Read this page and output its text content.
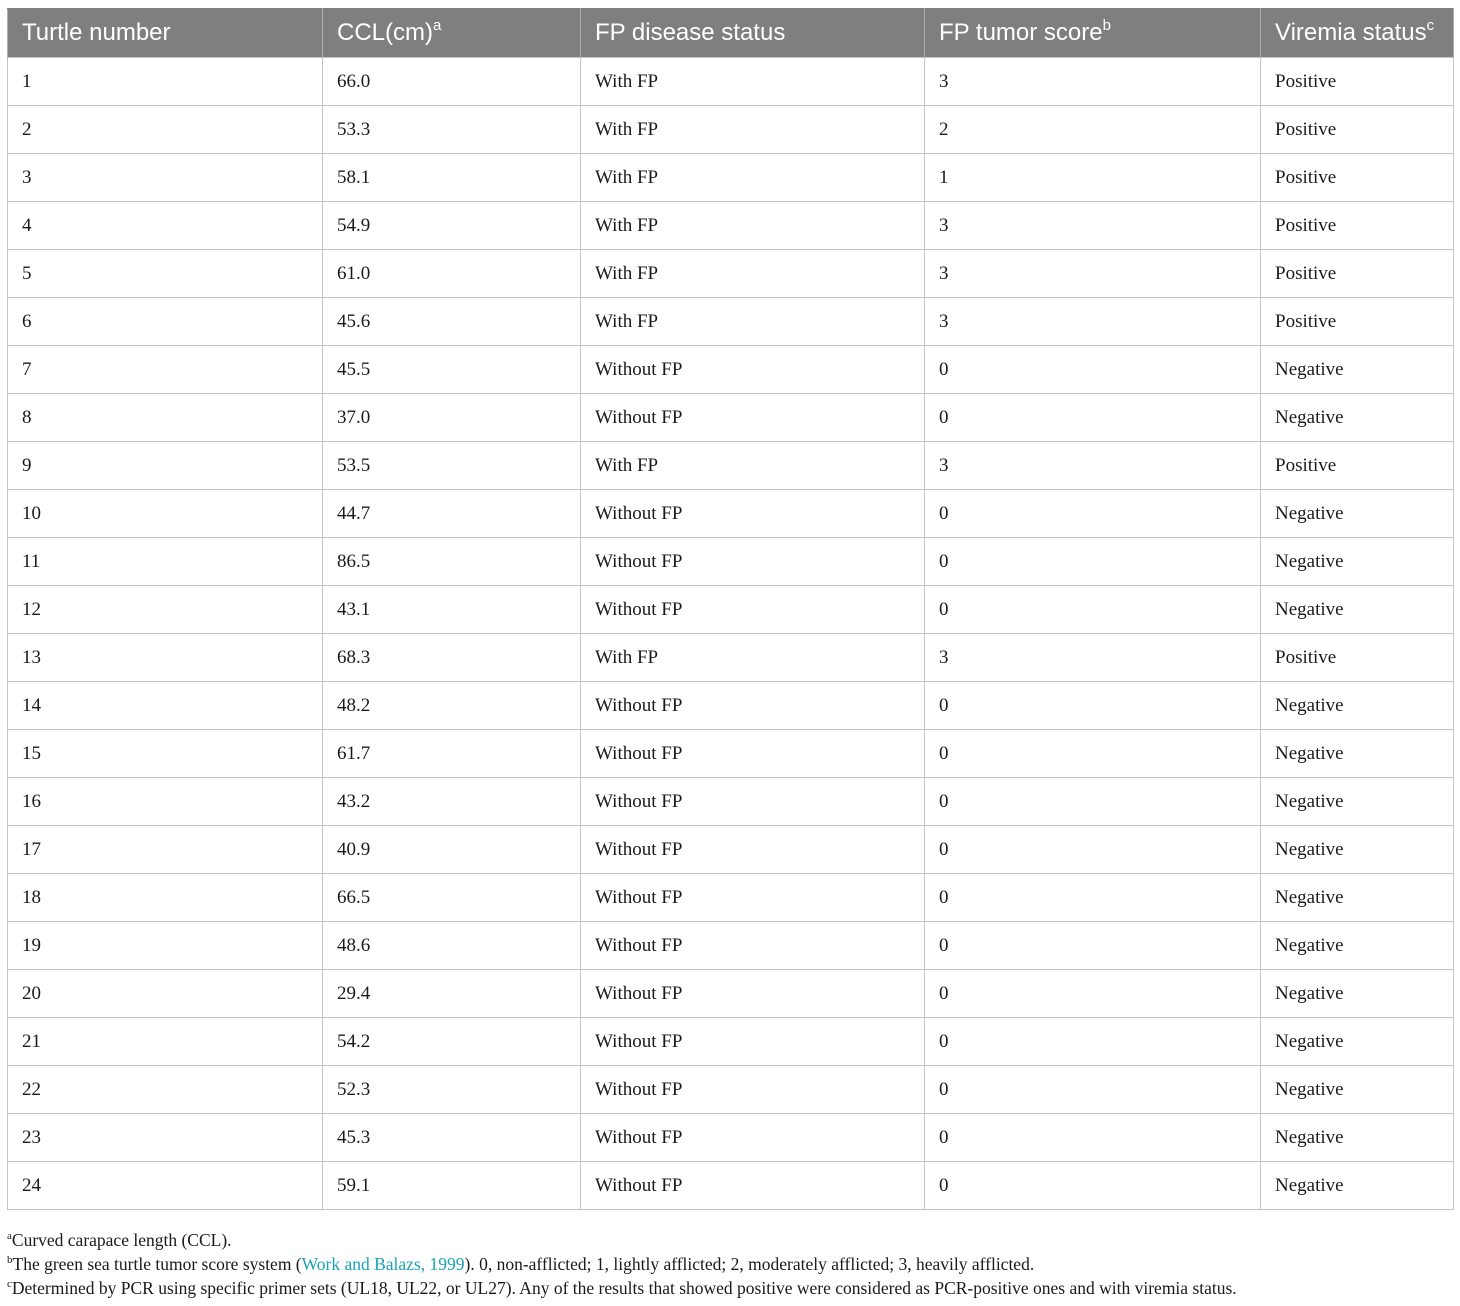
Turtle number	CCL(cm)$^a$	FP disease status	FP tumor score$^b$	Viremia status$^c$
1	66.0	With FP	3	Positive
2	53.3	With FP	2	Positive
3	58.1	With FP	1	Positive
4	54.9	With FP	3	Positive
5	61.0	With FP	3	Positive
6	45.6	With FP	3	Positive
7	45.5	Without FP	0	Negative
8	37.0	Without FP	0	Negative
9	53.5	With FP	3	Positive
10	44.7	Without FP	0	Negative
11	86.5	Without FP	0	Negative
12	43.1	Without FP	0	Negative
13	68.3	With FP	3	Positive
14	48.2	Without FP	0	Negative
15	61.7	Without FP	0	Negative
16	43.2	Without FP	0	Negative
17	40.9	Without FP	0	Negative
18	66.5	Without FP	0	Negative
19	48.6	Without FP	0	Negative
20	29.4	Without FP	0	Negative
21	54.2	Without FP	0	Negative
22	52.3	Without FP	0	Negative
23	45.3	Without FP	0	Negative
24	59.1	Without FP	0	Negative

$^a$Curved carapace length (CCL).

$^b$The green sea turtle tumor score system (Work and Balazs, 1999). 0, non-afflicted; 1, lightly afflicted; 2, moderately afflicted; 3, heavily afflicted.

$^c$Determined by PCR using specific primer sets (UL18, UL22, or UL27). Any of the results that showed positive were considered as PCR-positive ones and with viremia status.
